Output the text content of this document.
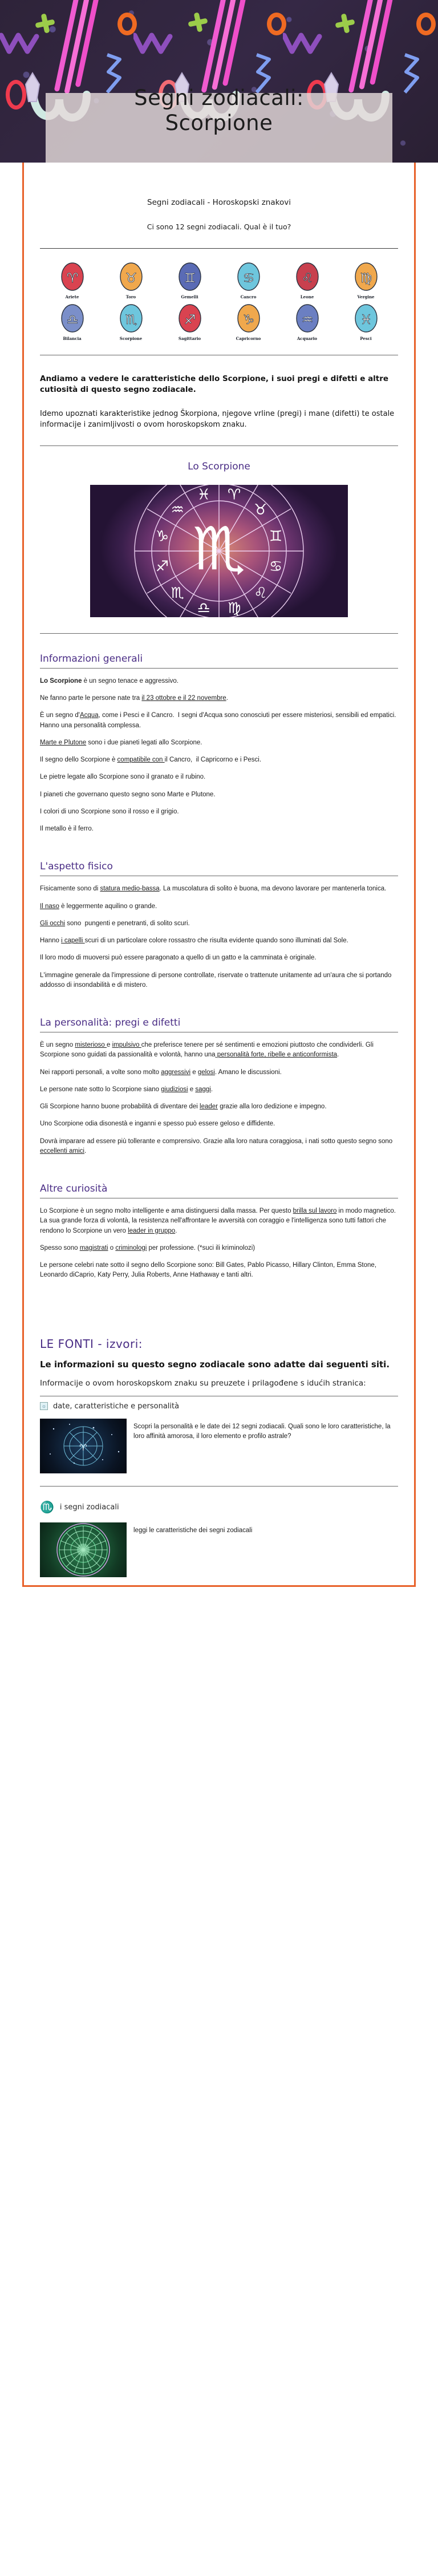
Segni zodiacali:
Scorpione
Segni zodiacali - Horoskopski znakovi
Ci sono 12 segni zodiacali. Qual è il tuo?
♈
Ariete
♉
Toro
♊
Gemelli
♋
Cancro
♌
Leone
♍
Vergine
♎
Bilancia
♏
Scorpione
♐
Sagittario
♑
Capricorno
♒
Acquario
♓
Pesci

Andiamo a vedere le caratteristiche dello Scorpione, i suoi pregi e difetti e altre cutiosità di questo segno zodiacale.

Idemo upoznati karakteristike jednog Škorpiona, njegove vrline (pregi) i mane (difetti) te ostale informacije i zanimljivosti o ovom horoskopskom znaku.

Lo Scorpione
♈
♉
♊
♋
♌
♍
♎
♏
♐
♑
♒
♓
♏
Informazioni generali

Lo Scorpione è un segno tenace e aggressivo.

Ne fanno parte le persone nate tra il 23 ottobre e il 22 novembre.

È un segno d'Acqua, come i Pesci e il Cancro.  I segni d'Acqua sono conosciuti per essere misteriosi, sensibili ed empatici.
Hanno una personalità complessa.

Marte e Plutone sono i due pianeti legati allo Scorpione.

Il segno dello Scorpione è compatibile con il Cancro,  il Capricorno e i Pesci.

Le pietre legate allo Scorpione sono il granato e il rubino.

I pianeti che governano questo segno sono Marte e Plutone.

I colori di uno Scorpione sono il rosso e il grigio.

Il metallo è il ferro.

L'aspetto fisico

Fisicamente sono di statura medio-bassa. La muscolatura di solito è buona, ma devono lavorare per mantenerla tonica.

Il naso è leggermente aquilino o grande.

Gli occhi sono  pungenti e penetranti, di solito scuri.

Hanno i capelli scuri di un particolare colore rossastro che risulta evidente quando sono illuminati dal Sole.

Il loro modo di muoversi può essere paragonato a quello di un gatto e la camminata è originale.

L'immagine generale da l'impressione di persone controllate, riservate o trattenute unitamente ad un'aura che si portando addosso di insondabilità e di mistero.

La personalità: pregi e difetti

È un segno misterioso e impulsivo che preferisce tenere per sé sentimenti e emozioni piuttosto che condividerli. Gli Scorpione sono guidati da passionalità e volontà, hanno una personalità forte, ribelle e anticonformista.

Nei rapporti personali, a volte sono molto aggressivi e gelosi. Amano le discussioni.

Le persone nate sotto lo Scorpione siano giudiziosi e saggi.

Gli Scorpione hanno buone probabilità di diventare dei leader grazie alla loro dedizione e impegno.

Uno Scorpione odia disonestà e inganni e spesso può essere geloso e diffidente.

Dovrà imparare ad essere più tollerante e comprensivo. Grazie alla loro natura coraggiosa, i nati sotto questo segno sono eccellenti amici.

Altre curiosità

Lo Scorpione è un segno molto intelligente e ama distinguersi dalla massa. Per questo brilla sul lavoro in modo magnetico. La sua grande forza di volontà, la resistenza nell'affrontare le avversità con coraggio e l'intelligenza sono tutti fattori che rendono lo Scorpione un vero leader in gruppo.

Spesso sono magistrati o criminologi per professione. (*suci ili kriminolozi)

Le persone celebri nate sotto il segno dello Scorpione sono: Bill Gates, Pablo Picasso, Hillary Clinton, Emma Stone, Leonardo diCaprio, Katy Perry, Julia Roberts, Anne Hathaway e tanti altri.

LE FONTI - izvori:

Le informazioni su questo segno zodiacale sono adatte dai seguenti siti.

Informacije o ovom horoskopskom znaku su preuzete i prilagođene s idućih stranica:

☼ date, caratteristiche e personalità
♈
Scopri la personalità e le date dei 12 segni zodiacali. Quali sono le loro caratteristiche, la loro affinità amorosa, il loro elemento e profilo astrale?
♏ i segni zodiacali
leggi le caratteristiche dei segni zodiacali
